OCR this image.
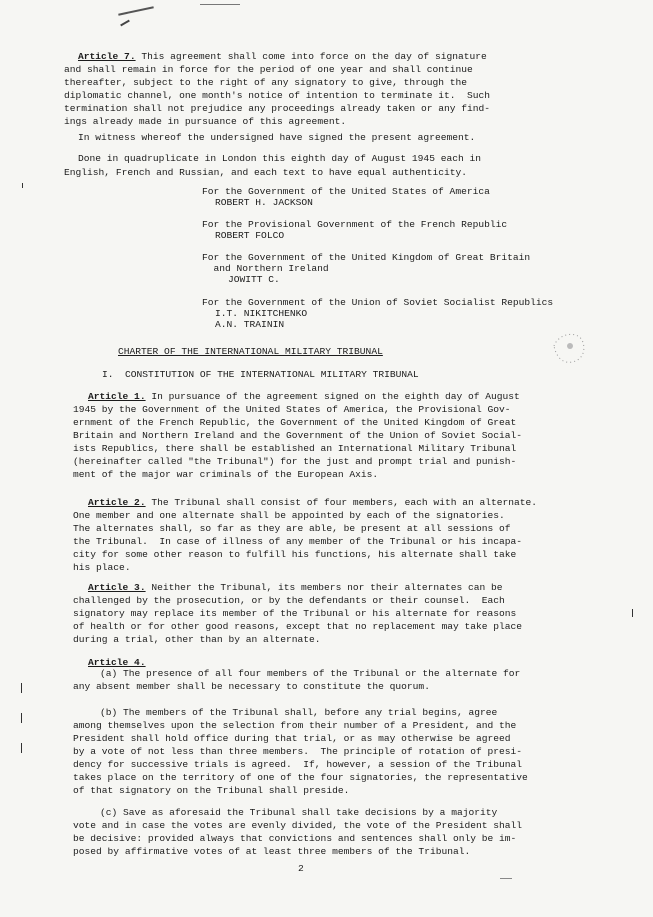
Article 7. This agreement shall come into force on the day of signature
and shall remain in force for the period of one year and shall continue
thereafter, subject to the right of any signatory to give, through the
diplomatic channel, one month's notice of intention to terminate it.  Such
termination shall not prejudice any proceedings already taken or any find-
ings already made in pursuance of this agreement.
In witness whereof the undersigned have signed the present agreement.
Done in quadruplicate in London this eighth day of August 1945 each in
English, French and Russian, and each text to have equal authenticity.
For the Government of the United States of America
ROBERT H. JACKSON
For the Provisional Government of the French Republic
ROBERT FOLCO
For the Government of the United Kingdom of Great Britain
and Northern Ireland
JOWITT C.
For the Government of the Union of Soviet Socialist Republics
I.T. NIKITCHENKO
A.N. TRAININ
CHARTER OF THE INTERNATIONAL MILITARY TRIBUNAL
I.  CONSTITUTION OF THE INTERNATIONAL MILITARY TRIBUNAL
Article 1. In pursuance of the agreement signed on the eighth day of August
1945 by the Government of the United States of America, the Provisional Gov-
ernment of the French Republic, the Government of the United Kingdom of Great
Britain and Northern Ireland and the Government of the Union of Soviet Social-
ists Republics, there shall be established an International Military Tribunal
(hereinafter called "the Tribunal") for the just and prompt trial and punish-
ment of the major war criminals of the European Axis.
Article 2. The Tribunal shall consist of four members, each with an alternate.
One member and one alternate shall be appointed by each of the signatories.
The alternates shall, so far as they are able, be present at all sessions of
the Tribunal.  In case of illness of any member of the Tribunal or his incapa-
city for some other reason to fulfill his functions, his alternate shall take
his place.
Article 3. Neither the Tribunal, its members nor their alternates can be
challenged by the prosecution, or by the defendants or their counsel.  Each
signatory may replace its member of the Tribunal or his alternate for reasons
of health or for other good reasons, except that no replacement may take place
during a trial, other than by an alternate.
Article 4.
(a) The presence of all four members of the Tribunal or the alternate for
any absent member shall be necessary to constitute the quorum.
(b) The members of the Tribunal shall, before any trial begins, agree
among themselves upon the selection from their number of a President, and the
President shall hold office during that trial, or as may otherwise be agreed
by a vote of not less than three members.  The principle of rotation of presi-
dency for successive trials is agreed.  If, however, a session of the Tribunal
takes place on the territory of one of the four signatories, the representative
of that signatory on the Tribunal shall preside.
(c) Save as aforesaid the Tribunal shall take decisions by a majority
vote and in case the votes are evenly divided, the vote of the President shall
be decisive: provided always that convictions and sentences shall only be im-
posed by affirmative votes of at least three members of the Tribunal.
2
